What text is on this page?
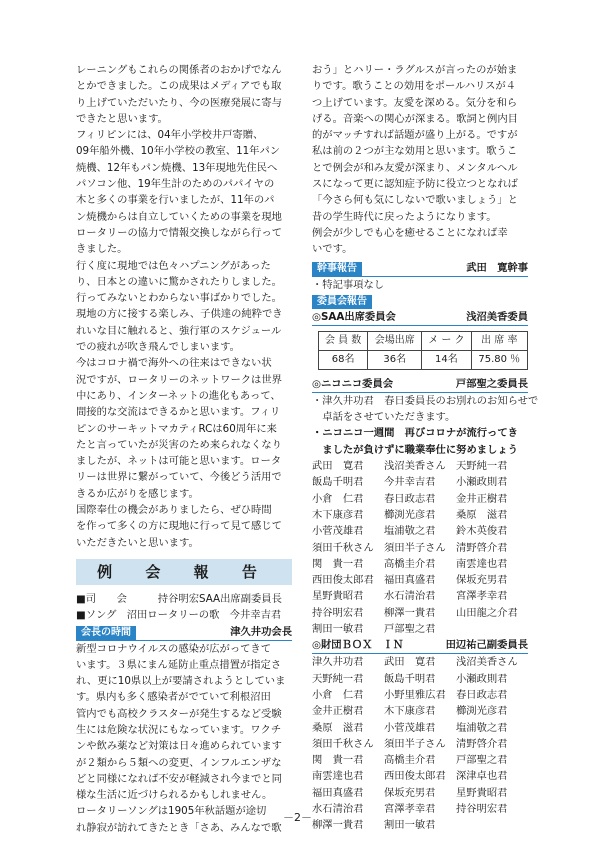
レーニングもこれらの関係者のおかげでなん
とかできました。この成果はメディアでも取
り上げていただいたり、今の医療発展に寄与
できたと思います。
フィリピンには、04年小学校井戸寄贈、
09年船外機、10年小学校の教室、11年パン
焼機、12年もパン焼機、13年現地先住民へ
パソコン他、19年生計のためのパパイヤの
木と多くの事業を行いましたが、11年のパ
ン焼機からは自立していくための事業を現地
ロータリーの協力で情報交換しながら行って
きました。
行く度に現地では色々ハプニングがあった
り、日本との違いに驚かされたりしました。
行ってみないとわからない事ばかりでした。
現地の方に接する楽しみ、子供達の純粋でき
れいな目に触れると、強行軍のスケジュール
での疲れが吹き飛んでしまいます。
今はコロナ禍で海外への往来はできない状
況ですが、ロータリーのネットワークは世界
中にあり、インターネットの進化もあって、
間接的な交流はできるかと思います。フィリ
ピンのサーキットマカティRCは60周年に来
たと言っていたが災害のため来られなくなり
ましたが、ネットは可能と思います。ロータ
リーは世界に繋がっていて、今後どう活用で
きるか広がりを感じます。
国際奉仕の機会がありましたら、ぜひ時間
を作って多くの方に現地に行って見て感じて
いただきたいと思います。
例 会 報 告
■司　　会　　　持谷明宏SAA出席副委員長
■ソング　沼田ロータリーの歌　今井幸吉君
会長の時間	津久井功会長
新型コロナウイルスの感染が広がってきて
います。３県にまん延防止重点措置が指定さ
れ、更に10県以上が要請されようとしていま
す。県内も多く感染者がでていて利根沼田
管内でも高校クラスターが発生するなど受験
生には危険な状況にもなっています。ワクチ
ンや飲み薬など対策は日々進められています
が２類から５類への変更、インフルエンザな
どと同様になれば不安が軽減され今までと同
様な生活に近づけられるかもしれません。
ロータリーソングは1905年秋話題が途切
れ静寂が訪れてきたとき「さあ、みんなで歌
おう」とハリー・ラグルスが言ったのが始ま
りです。歌うことの効用をポールハリスが４
つ上げています。友愛を深める。気分を和ら
げる。音楽への関心が深まる。歌詞と例内目
的がマッチすれば話題が盛り上がる。ですが
私は前の２つが主な効用と思います。歌うこ
とで例会が和み友愛が深まり、メンタルヘル
スになって更に認知症予防に役立つとなれば
「今さら何も気にしないで歌いましょう」と
昔の学生時代に戻ったようになります。
例会が少しでも心を癒せることになれば幸
いです。
幹事報告	武田　寛幹事
・特記事項なし
委員会報告
◎SAA出席委員会	浅沼美香委員
会 員 数	会場出席	メ ー ク	出 席 率
68名	36名	14名	75.80 ％
◎ニコニコ委員会	戸部聖之委員長
・津久井功君　春日委員長のお別れのお知らせで
　卓話をさせていただきます。
・ニコニコ一週間　再びコロナが流行ってき
　ましたが負けずに職業奉仕に努めましょう
武田　寛君	浅沼美香さん 天野純一君
飯島千明君	今井幸吉君	小瀬政則君
小倉　仁君	春日政志君	金井正樹君
木下康彦君	櫛渕光彦君	桑原　滋君
小菅茂雄君	塩浦敬之君	鈴木英俊君
須田千秋さん 須田半子さん 清野啓介君
関　貴一君	高橋圭介君	南雲達也君
西田俊太郎君 福田真盛君	保坂充男君
星野貴昭君	水石清治君	宮澤孝幸君
持谷明宏君	柳澤一貴君	山田龍之介君
割田一敏君	戸部聖之君
◎財団ＢＯＸ　ＩＮ	田辺祐己副委員長
津久井功君	武田　寛君	浅沼美香さん
天野純一君	飯島千明君	小瀬政則君
小倉　仁君	小野里雅広君 春日政志君
金井正樹君	木下康彦君	櫛渕光彦君
桑原　滋君	小菅茂雄君	塩浦敬之君
須田千秋さん 須田半子さん 清野啓介君
関　貴一君	高橋圭介君	戸部聖之君
南雲達也君	西田俊太郎君 深津卓也君
福田真盛君	保坂充男君	星野貴昭君
水石清治君	宮澤孝幸君	持谷明宏君
柳澤一貴君	割田一敏君
－2－
